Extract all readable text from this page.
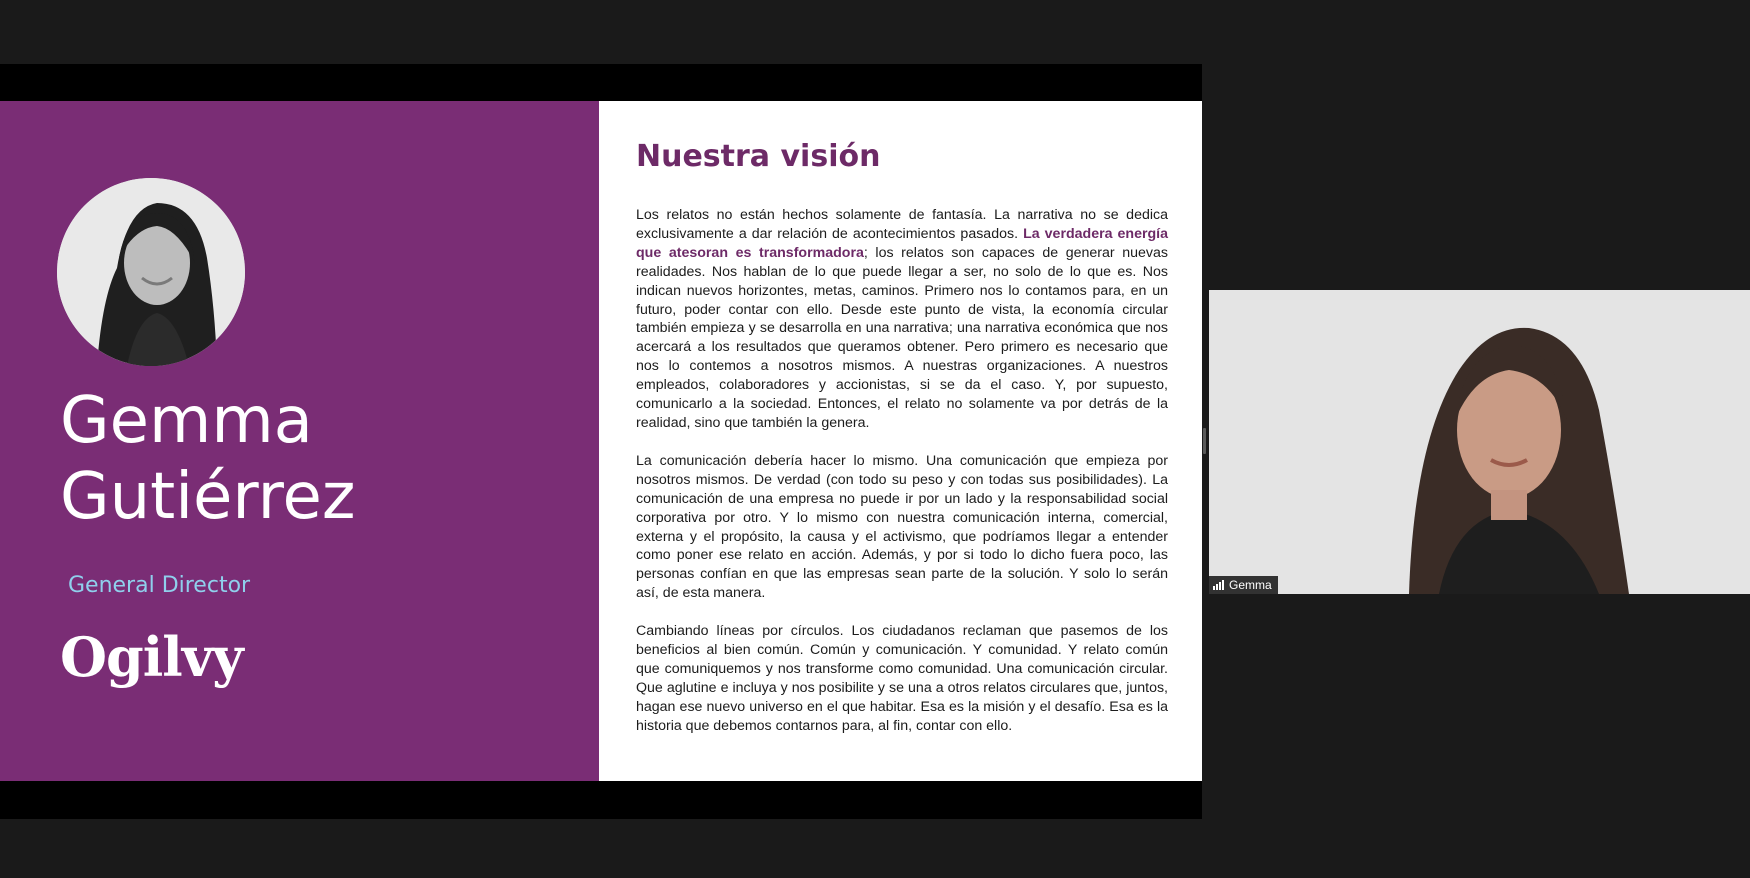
Gemma
Gutiérrez
General Director
Ogilvy
Nuestra visión

Los relatos no están hechos solamente de fantasía. La narrativa no se dedica exclusivamente a dar relación de acontecimientos pasados. La verdadera energía que atesoran es transformadora; los relatos son capaces de generar nuevas realidades. Nos hablan de lo que puede llegar a ser, no solo de lo que es. Nos indican nuevos horizontes, metas, caminos. Primero nos lo contamos para, en un futuro, poder contar con ello. Desde este punto de vista, la economía circular también empieza y se desarrolla en una narrativa; una narrativa económica que nos acercará a los resultados que queramos obtener. Pero primero es necesario que nos lo contemos a nosotros mismos. A nuestras organizaciones. A nuestros empleados, colaboradores y accionistas, si se da el caso. Y, por supuesto, comunicarlo a la sociedad. Entonces, el relato no solamente va por detrás de la realidad, sino que también la genera.

La comunicación debería hacer lo mismo. Una comunicación que empieza por nosotros mismos. De verdad (con todo su peso y con todas sus posibilidades). La comunicación de una empresa no puede ir por un lado y la responsabilidad social corporativa por otro. Y lo mismo con nuestra comunicación interna, comercial, externa y el propósito, la causa y el activismo, que podríamos llegar a entender como poner ese relato en acción. Además, y por si todo lo dicho fuera poco, las personas confían en que las empresas sean parte de la solución. Y solo lo serán así, de esta manera.

Cambiando líneas por círculos. Los ciudadanos reclaman que pasemos de los beneficios al bien común. Común y comunicación. Y comunidad. Y relato común que comuniquemos y nos transforme como comunidad. Una comunicación circular. Que aglutine e incluya y nos posibilite y se una a otros relatos circulares que, juntos, hagan ese nuevo universo en el que habitar. Esa es la misión y el desafío. Esa es la historia que debemos contarnos para, al fin, contar con ello.

Gemma
